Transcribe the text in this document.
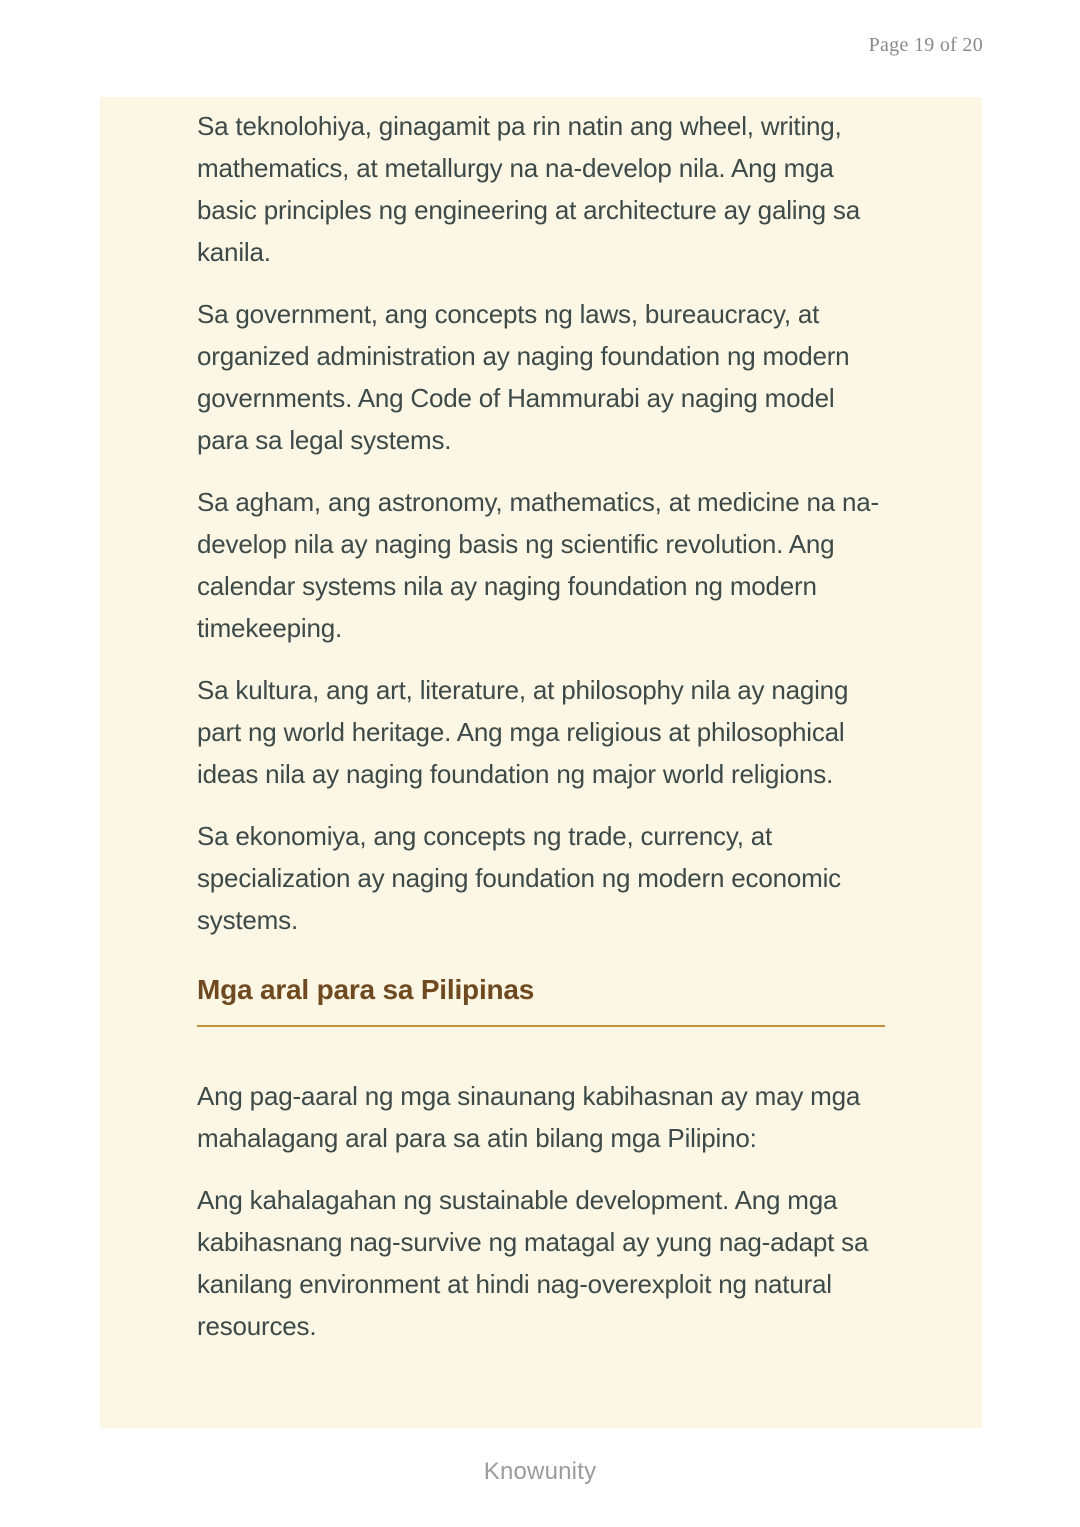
Page 19 of 20

Sa teknolohiya, ginagamit pa rin natin ang wheel, writing, mathematics, at metallurgy na na-develop nila. Ang mga basic principles ng engineering at architecture ay galing sa kanila.

Sa government, ang concepts ng laws, bureaucracy, at organized administration ay naging foundation ng modern governments. Ang Code of Hammurabi ay naging model para sa legal systems.

Sa agham, ang astronomy, mathematics, at medicine na na-develop nila ay naging basis ng scientific revolution. Ang calendar systems nila ay naging foundation ng modern timekeeping.

Sa kultura, ang art, literature, at philosophy nila ay naging part ng world heritage. Ang mga religious at philosophical ideas nila ay naging foundation ng major world religions.

Sa ekonomiya, ang concepts ng trade, currency, at specialization ay naging foundation ng modern economic systems.

Mga aral para sa Pilipinas

Ang pag-aaral ng mga sinaunang kabihasnan ay may mga mahalagang aral para sa atin bilang mga Pilipino:

Ang kahalagahan ng sustainable development. Ang mga kabihasnang nag-survive ng matagal ay yung nag-adapt sa kanilang environment at hindi nag-overexploit ng natural resources.

Knowunity
